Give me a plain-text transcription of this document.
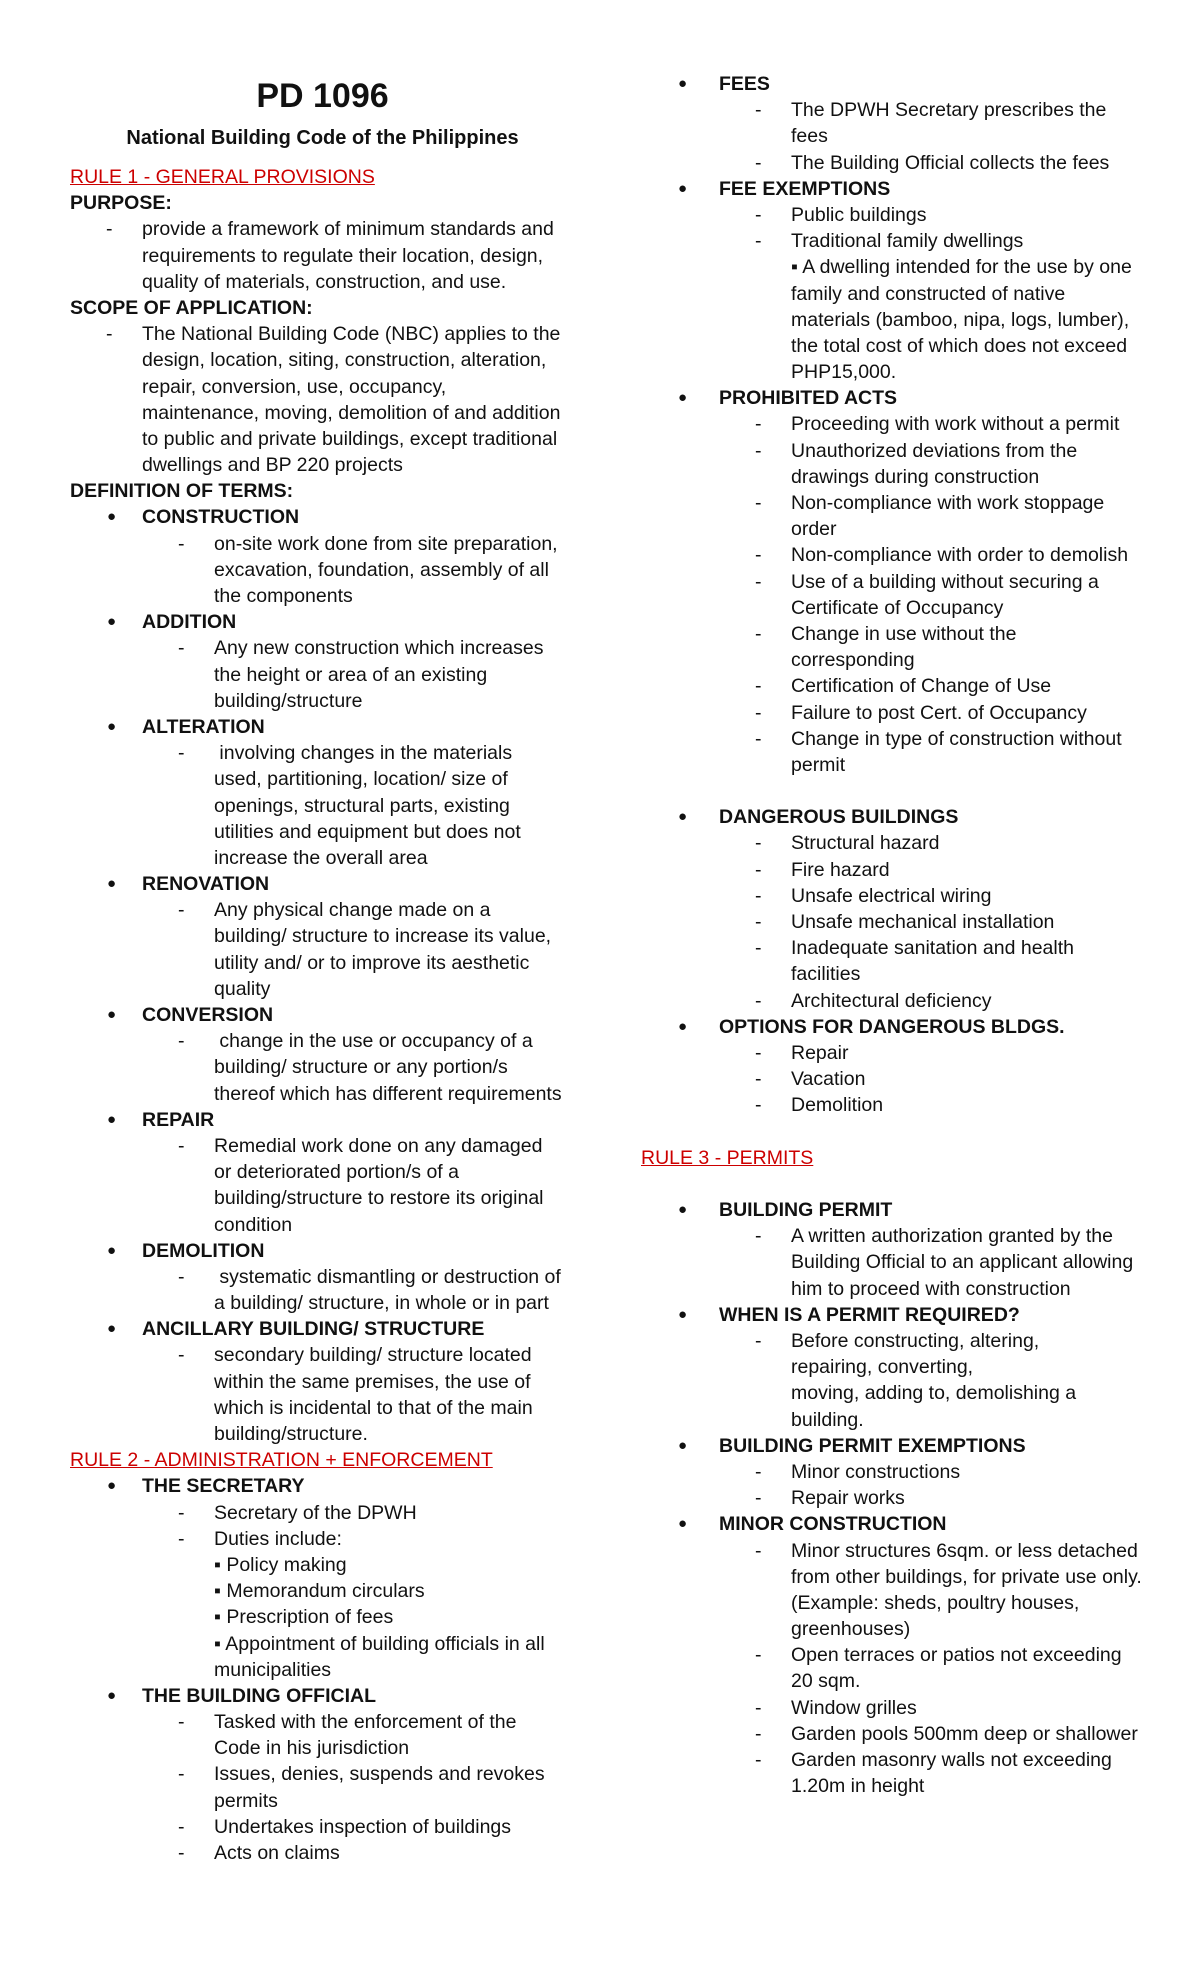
PD 1096
National Building Code of the Philippines
RULE 1 - GENERAL PROVISIONS
PURPOSE:
- provide a framework of minimum standards and
requirements to regulate their location, design,
quality of materials, construction, and use.
SCOPE OF APPLICATION:
- The National Building Code (NBC) applies to the
design, location, siting, construction, alteration,
repair, conversion, use, occupancy,
maintenance, moving, demolition of and addition
to public and private buildings, except traditional
dwellings and BP 220 projects
DEFINITION OF TERMS:
● CONSTRUCTION
- on-site work done from site preparation,
excavation, foundation, assembly of all
the components
● ADDITION
- Any new construction which increases
the height or area of an existing
building/structure
● ALTERATION
- involving changes in the materials
used, partitioning, location/ size of
openings, structural parts, existing
utilities and equipment but does not
increase the overall area
● RENOVATION
- Any physical change made on a
building/ structure to increase its value,
utility and/ or to improve its aesthetic
quality
● CONVERSION
- change in the use or occupancy of a
building/ structure or any portion/s
thereof which has different requirements
● REPAIR
- Remedial work done on any damaged
or deteriorated portion/s of a
building/structure to restore its original
condition
● DEMOLITION
- systematic dismantling or destruction of
a building/ structure, in whole or in part
● ANCILLARY BUILDING/ STRUCTURE
- secondary building/ structure located
within the same premises, the use of
which is incidental to that of the main
building/structure.
RULE 2 - ADMINISTRATION + ENFORCEMENT
● THE SECRETARY
- Secretary of the DPWH
- Duties include:
▪ Policy making
▪ Memorandum circulars
▪ Prescription of fees
▪ Appointment of building officials in all
municipalities
● THE BUILDING OFFICIAL
- Tasked with the enforcement of the
Code in his jurisdiction
- Issues, denies, suspends and revokes
permits
- Undertakes inspection of buildings
- Acts on claims
● FEES
- The DPWH Secretary prescribes the
fees
- The Building Official collects the fees
● FEE EXEMPTIONS
- Public buildings
- Traditional family dwellings
▪ A dwelling intended for the use by one
family and constructed of native
materials (bamboo, nipa, logs, lumber),
the total cost of which does not exceed
PHP15,000.
● PROHIBITED ACTS
- Proceeding with work without a permit
- Unauthorized deviations from the
drawings during construction
- Non-compliance with work stoppage
order
- Non-compliance with order to demolish
- Use of a building without securing a
Certificate of Occupancy
- Change in use without the
corresponding
- Certification of Change of Use
- Failure to post Cert. of Occupancy
- Change in type of construction without
permit
● DANGEROUS BUILDINGS
- Structural hazard
- Fire hazard
- Unsafe electrical wiring
- Unsafe mechanical installation
- Inadequate sanitation and health
facilities
- Architectural deficiency
● OPTIONS FOR DANGEROUS BLDGS.
- Repair
- Vacation
- Demolition
RULE 3 - PERMITS
● BUILDING PERMIT
- A written authorization granted by the
Building Official to an applicant allowing
him to proceed with construction
● WHEN IS A PERMIT REQUIRED?
- Before constructing, altering,
repairing, converting,
moving, adding to, demolishing a
building.
● BUILDING PERMIT EXEMPTIONS
- Minor constructions
- Repair works
● MINOR CONSTRUCTION
- Minor structures 6sqm. or less detached
from other buildings, for private use only.
(Example: sheds, poultry houses,
greenhouses)
- Open terraces or patios not exceeding
20 sqm.
- Window grilles
- Garden pools 500mm deep or shallower
- Garden masonry walls not exceeding
1.20m in height
